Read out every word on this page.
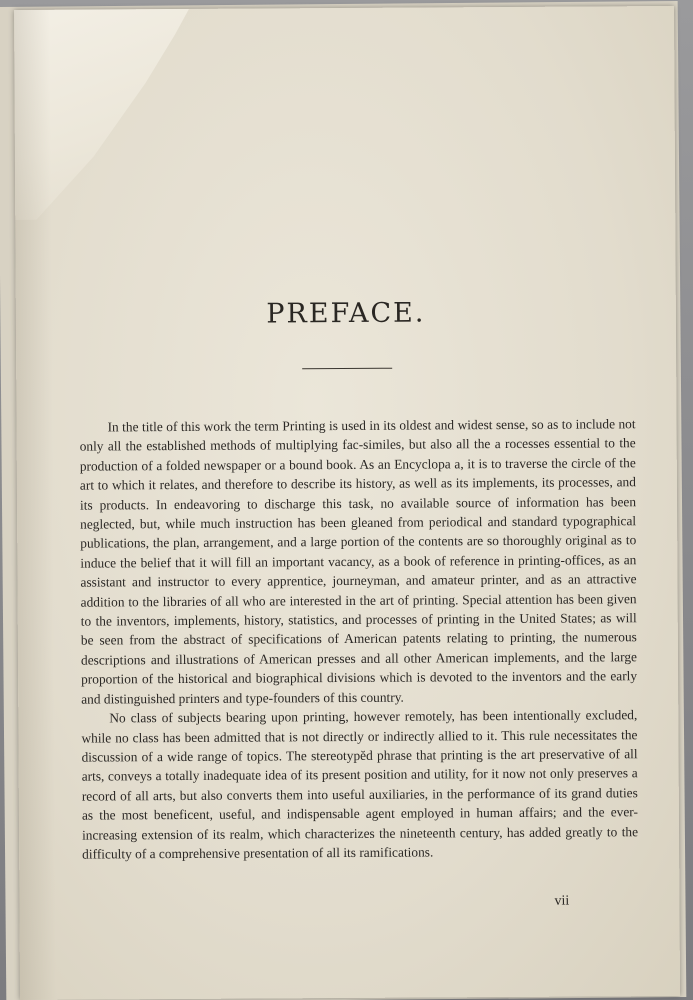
PREFACE.

In the title of this work the term Printing is used in its oldest and widest sense, so as to include not only all the established methods of multiplying fac-similes, but also all the a rocesses essential to the production of a folded newspaper or a bound book. As an Encyclopa a, it is to traverse the circle of the art to which it relates, and therefore to describe its history, as well as its implements, its processes, and its products. In endeavoring to discharge this task, no available source of information has been neglected, but, while much instruction has been gleaned from periodical and standard typographical publications, the plan, arrangement, and a large portion of the contents are so thoroughly original as to induce the belief that it will fill an important vacancy, as a book of reference in printing-offices, as an assistant and instructor to every apprentice, journeyman, and amateur printer, and as an attractive addition to the libraries of all who are interested in the art of printing. Special attention has been given to the inventors, implements, history, statistics, and processes of printing in the United States; as will be seen from the abstract of specifications of American patents relating to printing, the numerous descriptions and illustrations of American presses and all other American implements, and the large proportion of the historical and biographical divisions which is devoted to the inventors and the early and distinguished printers and type-founders of this country.

No class of subjects bearing upon printing, however remotely, has been intentionally excluded, while no class has been admitted that is not directly or indirectly allied to it. This rule necessitates the discussion of a wide range of topics. The stereotypĕd phrase that printing is the art preservative of all arts, conveys a totally inadequate idea of its present position and utility, for it now not only preserves a record of all arts, but also converts them into useful auxiliaries, in the performance of its grand duties as the most beneficent, useful, and indispensable agent employed in human affairs; and the ever-increasing extension of its realm, which characterizes the nineteenth century, has added greatly to the difficulty of a comprehensive presentation of all its ramifications.

vii
